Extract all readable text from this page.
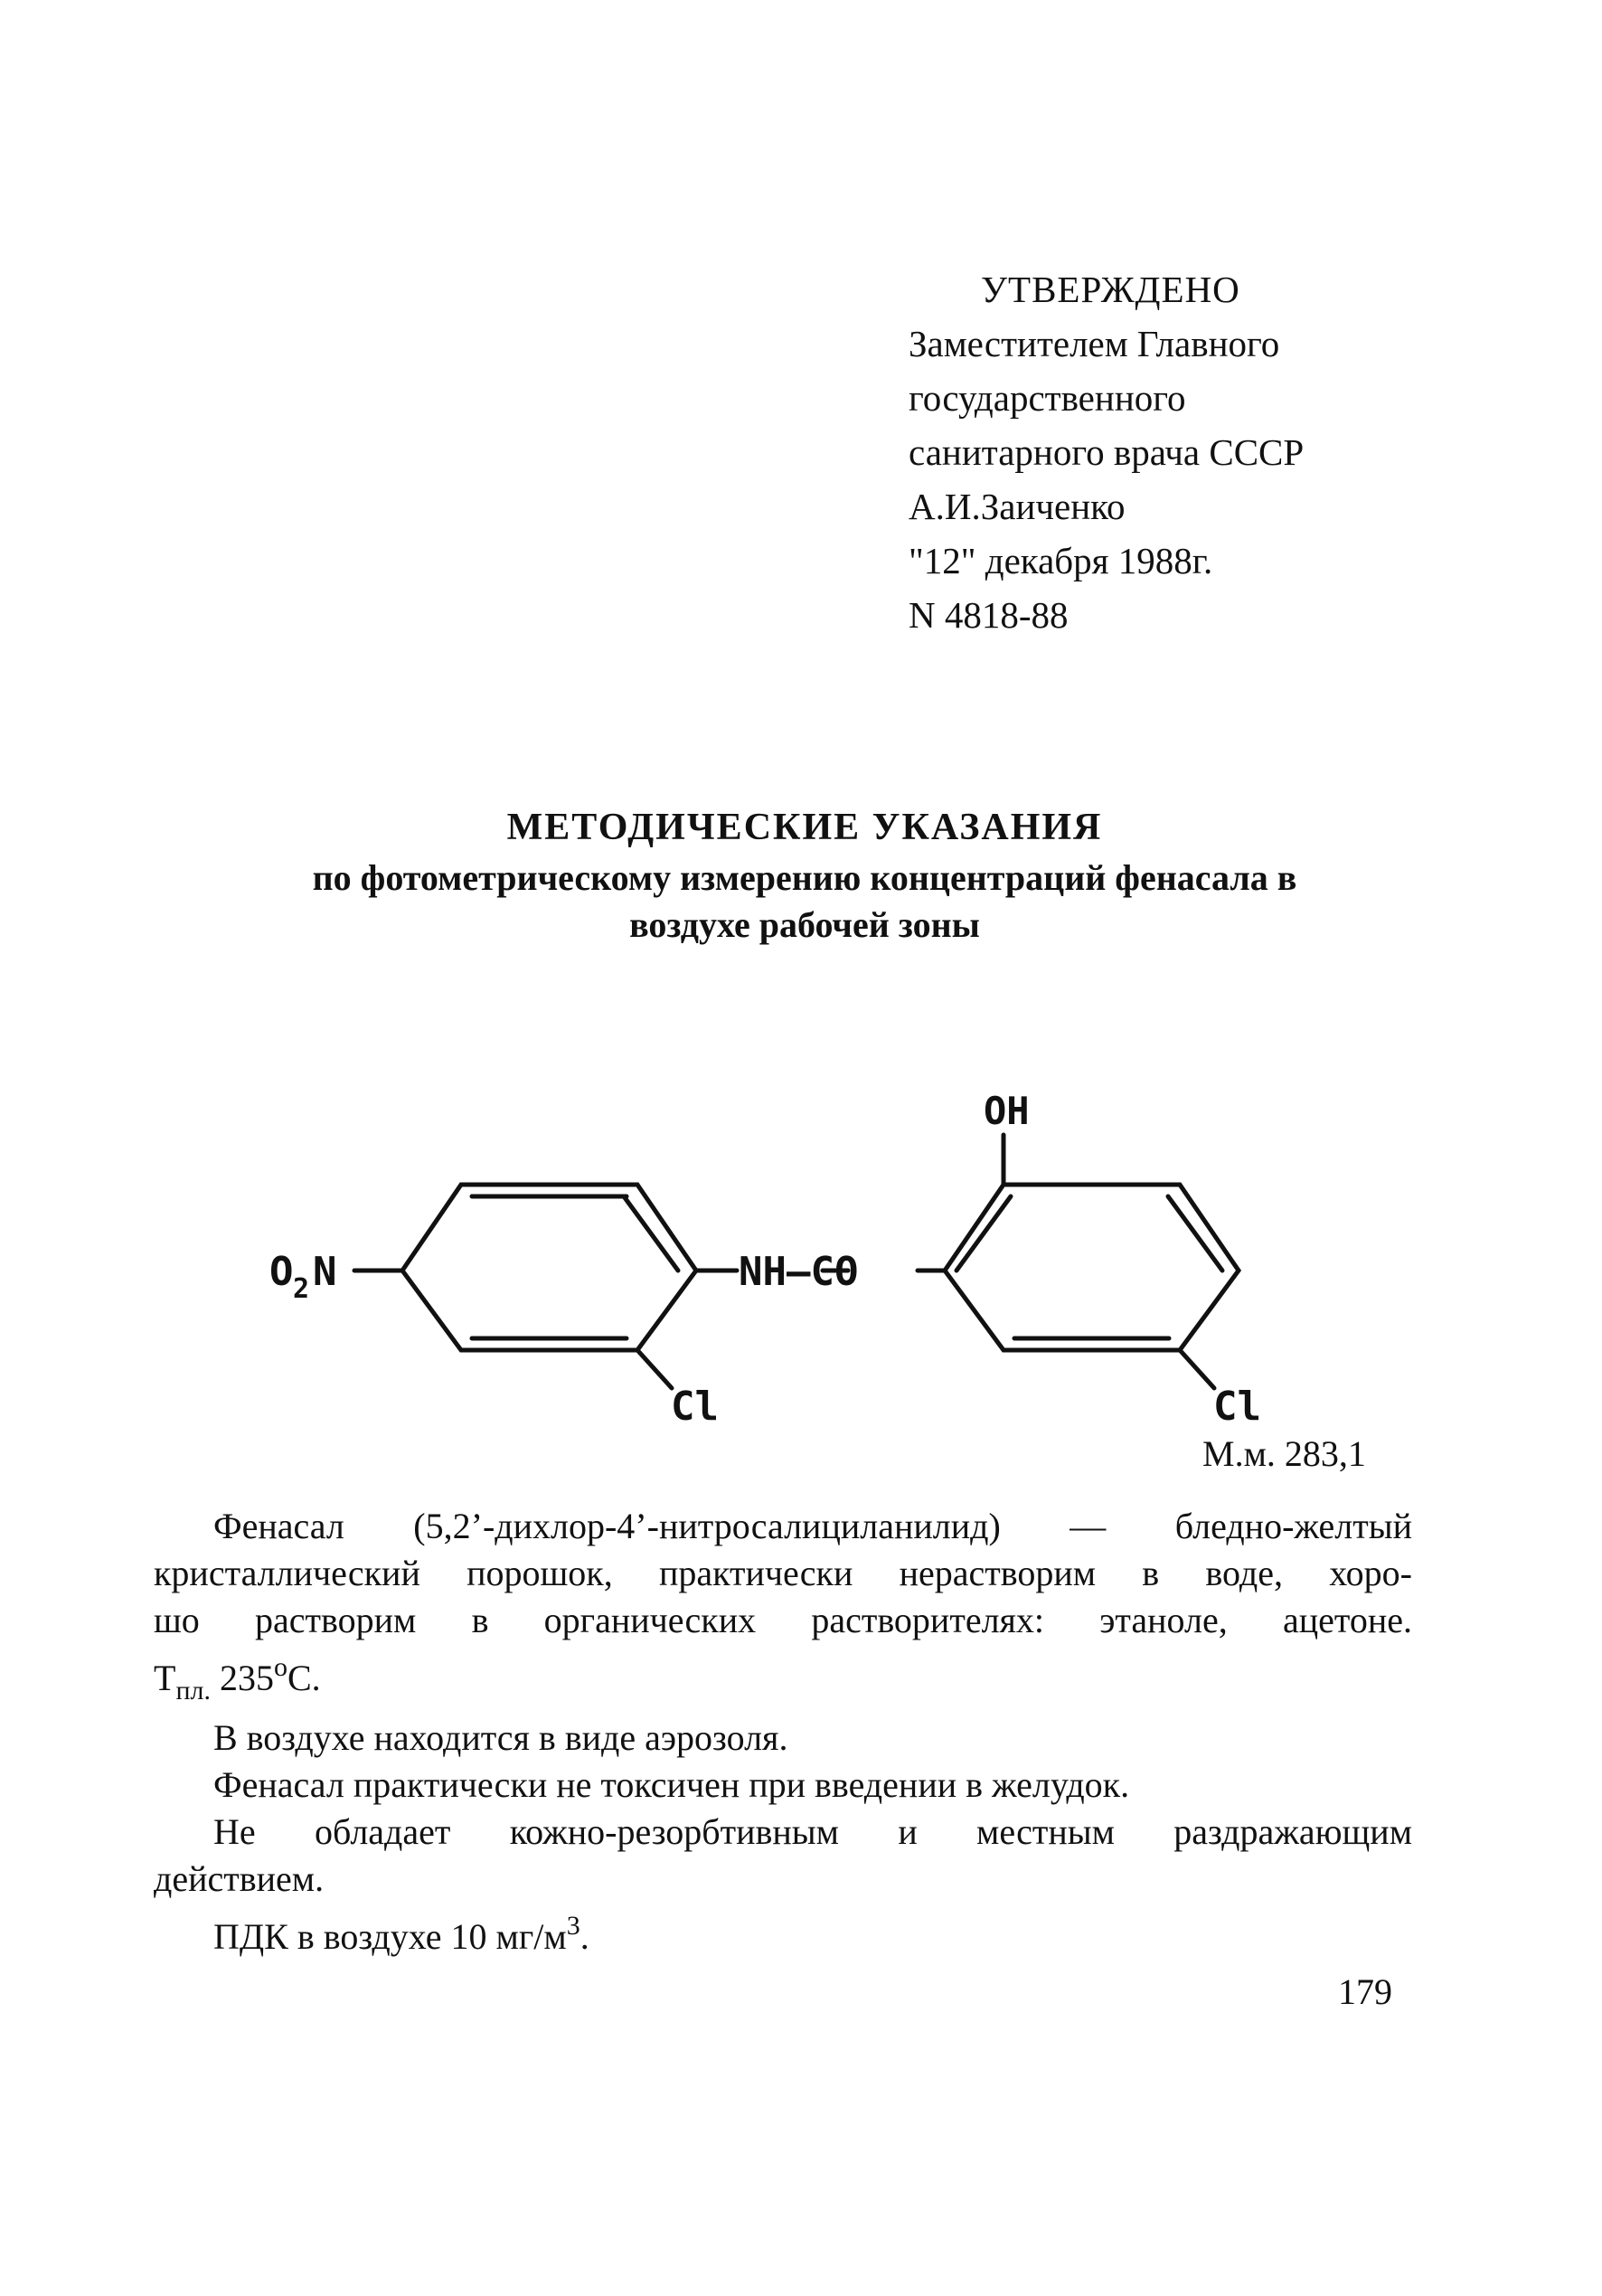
УТВЕРЖДЕНО
Заместителем Главного
государственного
санитарного врача СССР
А.И.Заиченко
"12" декабря 1988г.
N 4818-88
МЕТОДИЧЕСКИЕ УКАЗАНИЯ
по фотометрическому измерению концентраций фенасала в
воздухе рабочей зоны
OH
O 2 N	NH—CO
Cl	Cl
М.м. 283,1

Фенасал (5,2’-дихлор-4’-нитросалициланилид) — бледно-желтый

кристаллический порошок, практически нерастворим в воде, хоро-
шо растворим в органических растворителях: этаноле, ацетоне.
$Т_{пл.}$ $235^оС$.

В воздухе находится в виде аэрозоля.

Фенасал практически не токсичен при введении в желудок.

Не обладает кожно-резорбтивным и местным раздражающим

действием.

ПДК в воздухе 10 $мг/м^3$.

179
